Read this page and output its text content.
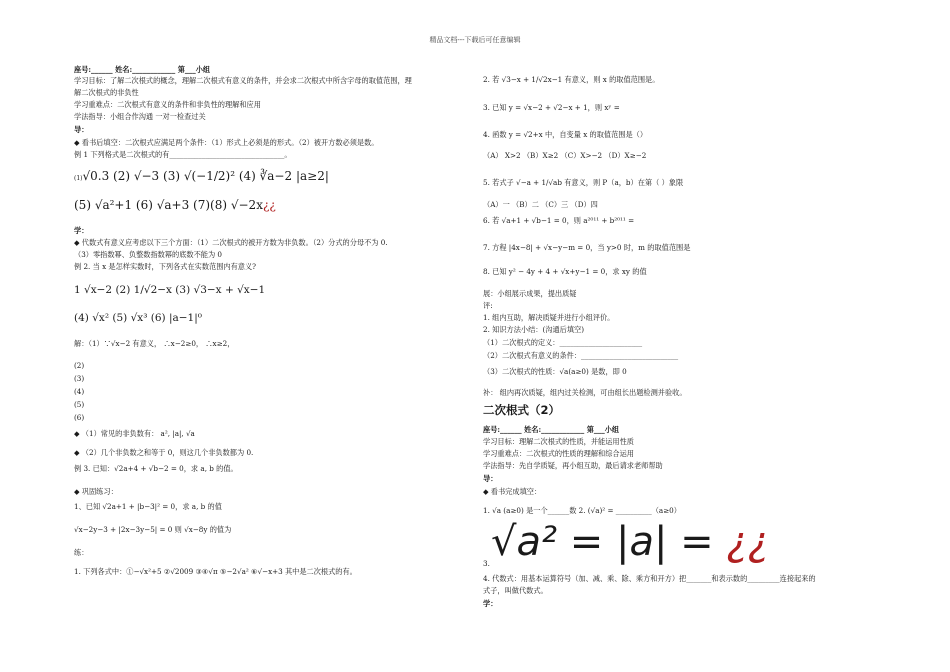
精品文档---下载后可任意编辑
座号:______ 姓名:____________ 第___小组
学习目标：了解二次根式的概念，理解二次根式有意义的条件，并会求二次根式中所含字母的取值范围，理
解二次根式的非负性
学习重难点：二次根式有意义的条件和非负性的理解和应用
学法指导：小组合作沟通 一对一检查过关
导：
◆ 看书后填空：二次根式应满足两个条件：（1）形式上必须是的形式。（2）被开方数必须是数。
例 1 下列格式是二次根式的有________________________________。
(1)√0.3 (2) √−3 (3) √(−1/2)² (4) ∛a−2 |a≥2|
(5) √a²+1 (6) √a+3 (7)(8) √−2x¿¿
学：
◆ 代数式有意义应考虑以下三个方面：（1）二次根式的被开方数为非负数。（2）分式的分母不为 0.
（3）零指数幂、负整数指数幂的底数不能为 0
例 2. 当 x 是怎样实数时，下列各式在实数范围内有意义?
1 √x−2 (2) 1/√2−x (3) √3−x + √x−1
(4) √x² (5) √x³ (6) |a−1|⁰
解：（1）∵√x−2 有意义， ∴x−2≥0， ∴x≥2，
(2)
(3)
(4)
(5)
(6)
◆ （1）常见的非负数有： a², |a|, √a
◆ （2）几个非负数之和等于 0，则这几个非负数都为 0.
例 3. 已知：√2a+4 + √b−2 = 0，求 a, b 的值。
◆ 巩固练习：
1、已知 √2a+1 + |b−3|² = 0，求 a, b 的值
√x−2y−3 + |2x−3y−5| = 0 则 √x−8y 的值为
练：
1. 下列各式中：①−√x²+5 ②√2009 ③④√π ⑤−2√a² ⑥√−x+3 其中是二次根式的有。
2. 若 √3−x + 1/√2x−1 有意义，则 x 的取值范围是。
3. 已知 y = √x−2 + √2−x + 1，则 xʸ =
4. 函数 y = √2+x 中，自变量 x 的取值范围是（）
（A） X>2 （B）X≥2 （C）X>−2 （D）X≥−2
5. 若式子 √−a + 1/√ab 有意义，则 P（a，b）在第（ ）象限
（A）一 （B）二 （C）三 （D）四
6. 若 √a+1 + √b−1 = 0，则 a²⁰¹¹ + b²⁰¹¹ =
7. 方程 |4x−8| + √x−y−m = 0，当 y>0 时，m 的取值范围是
8. 已知 y² − 4y + 4 + √x+y−1 = 0，求 xy 的值
展：小组展示成果，提出质疑
评:
1. 组内互助，解决质疑并进行小组评价。
2. 知识方法小结：(沟通后填空)
（1）二次根式的定义：_______________________
（2）二次根式有意义的条件：___________________________
（3）二次根式的性质：√a(a≥0) 是数，即 0
补： 组内再次质疑，组内过关检测，可由组长出题检测并验收。
二次根式（2）
座号:______ 姓名:____________ 第___小组
学习目标：理解二次根式的性质，并能运用性质
学习重难点：二次根式的性质的理解和综合运用
学法指导：先自学质疑，再小组互助，最后请求老师帮助
导：
◆ 看书完成填空：
1. √a (a≥0) 是一个______数 2. (√a)² = __________（a≥0）
√a² = |a| = ¿¿
3.
4. 代数式：用基本运算符号（加、减、乘、除、乘方和开方）把_______和表示数的_________连接起来的
式子，叫做代数式。
学：
